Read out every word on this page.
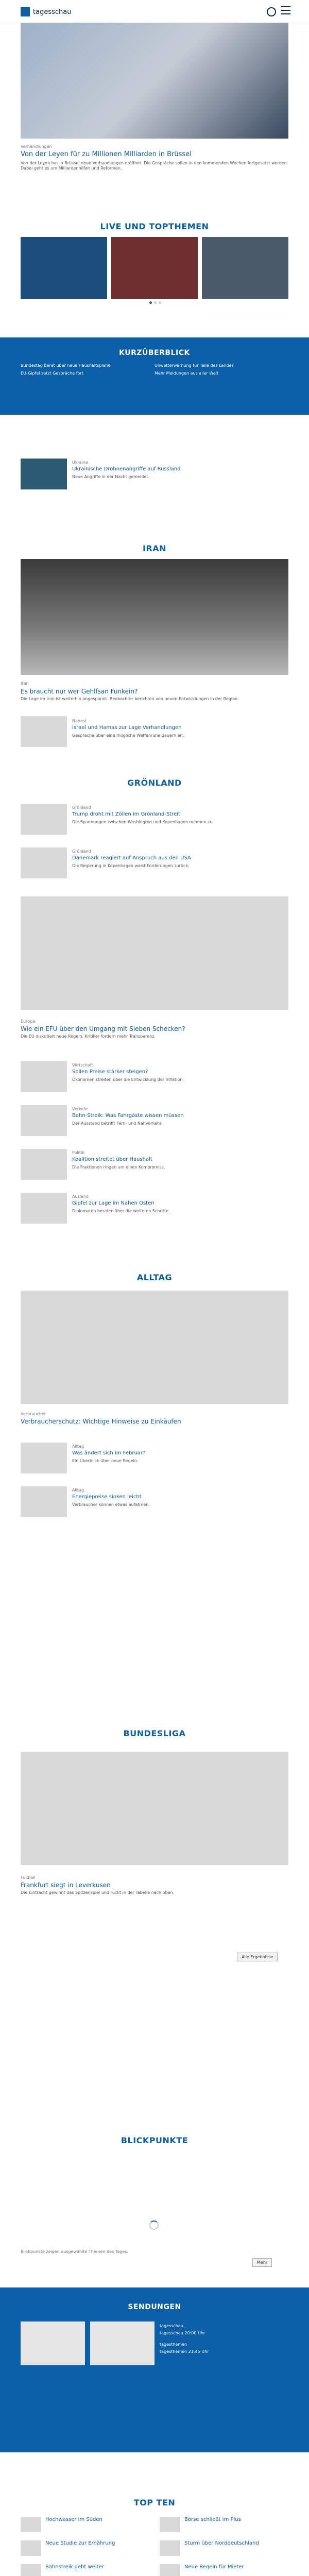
tagesschau
Verhandlungen
Von der Leyen für zu Millionen Milliarden in Brüssel
Von der Leyen hat in Brüssel neue Verhandlungen eröffnet. Die Gespräche sollen in den kommenden Wochen fortgesetzt werden. Dabei geht es um Milliardenhilfen und Reformen.
LIVE UND TOPTHEMEN
KURZÜBERBLICK
Bundestag berät über neue Haushaltspläne	Unwetterwarnung für Teile des Landes
EU-Gipfel setzt Gespräche fort	Mehr Meldungen aus aller Welt
Ukraine
Ukrainische Drohnenangriffe auf Russland
Neue Angriffe in der Nacht gemeldet.
IRAN
Iran
Es braucht nur wer Gehlfsan Funkein?
Die Lage im Iran ist weiterhin angespannt. Beobachter berichten von neuen Entwicklungen in der Region.
Nahost
Israel und Hamas zur Lage Verhandlungen
Gespräche über eine mögliche Waffenruhe dauern an.
GRÖNLAND
Grönland
Trump droht mit Zöllen im Grönland-Streit
Die Spannungen zwischen Washington und Kopenhagen nehmen zu.
Grönland
Dänemark reagiert auf Anspruch aus den USA
Die Regierung in Kopenhagen weist Forderungen zurück.
Europa
Wie ein EFU über den Umgang mit Sieben Schecken?
Die EU diskutiert neue Regeln. Kritiker fordern mehr Transparenz.
Wirtschaft
Sollen Preise stärker steigen?
Ökonomen streiten über die Entwicklung der Inflation.
Verkehr
Bahn-Streik: Was Fahrgäste wissen müssen
Der Ausstand betrifft Fern- und Nahverkehr.
Politik
Koalition streitet über Haushalt
Die Fraktionen ringen um einen Kompromiss.
Ausland
Gipfel zur Lage im Nahen Osten
Diplomaten beraten über die weiteren Schritte.
ALLTAG
Verbraucher
Verbraucherschutz: Wichtige Hinweise zu Einkäufen
Alltag
Was ändert sich im Februar?
Ein Überblick über neue Regeln.
Alltag
Energiepreise sinken leicht
Verbraucher können etwas aufatmen.
BUNDESLIGA
Fußball
Frankfurt siegt in Leverkusen
Die Eintracht gewinnt das Spitzenspiel und rückt in der Tabelle nach oben.
Alle Ergebnisse
BLICKPUNKTE
Blickpunkte zeigen ausgewählte Themen des Tages.
Mehr
SENDUNGEN
tagesschau
tagesschau 20:00 Uhr
tagesthemen
tagesthemen 21:45 Uhr
TOP TEN
Hochwasser im Süden
Neue Studie zur Ernährung
Bahnstreik geht weiter
Börse schließt im Plus
Sturm über Norddeutschland
Neue Regeln für Mieter
